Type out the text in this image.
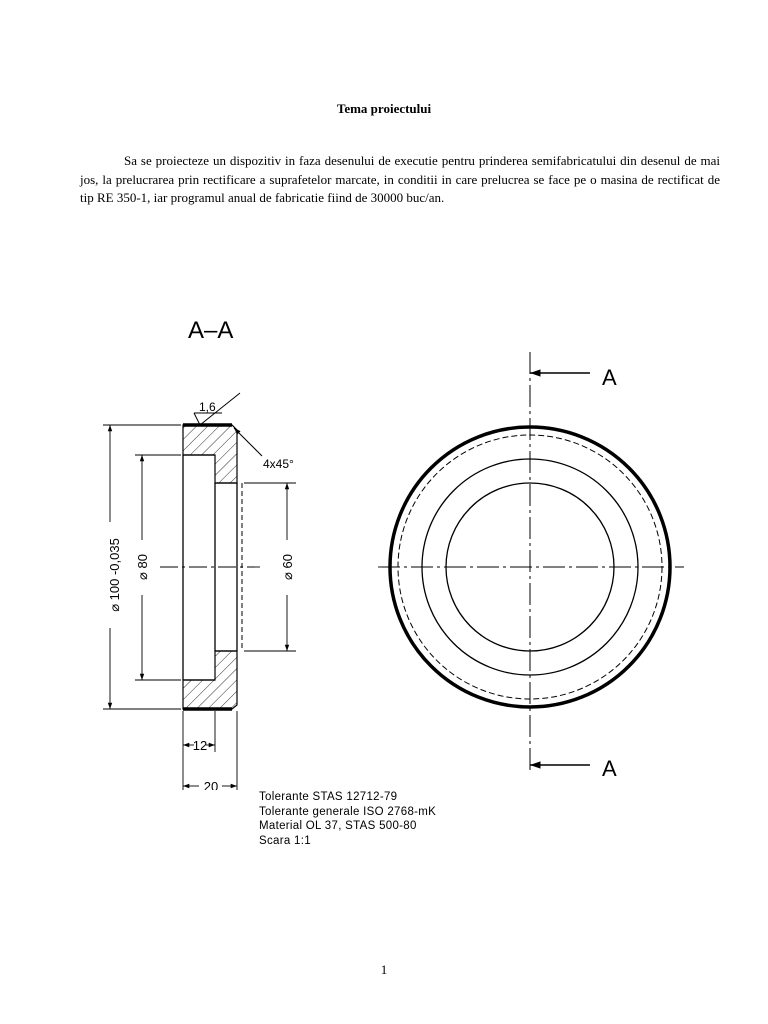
Tema proiectului

Sa se proiecteze un dispozitiv in faza desenului de executie pentru prinderea semifabricatului din desenul de mai jos, la prelucrarea prin rectificare a suprafetelor marcate, in conditii in care prelucrea se face pe o masina de rectificat de tip RE 350-1, iar programul anual de fabricatie fiind de 30000 buc/an.

A–A
1,6
4x45°
⌀ 100 -0,035 ⌀ 80	⌀ 60
12
20
A
A
Tolerante STAS 12712-79
Tolerante generale ISO 2768-mK
Material OL 37, STAS 500-80
Scara 1:1
1
